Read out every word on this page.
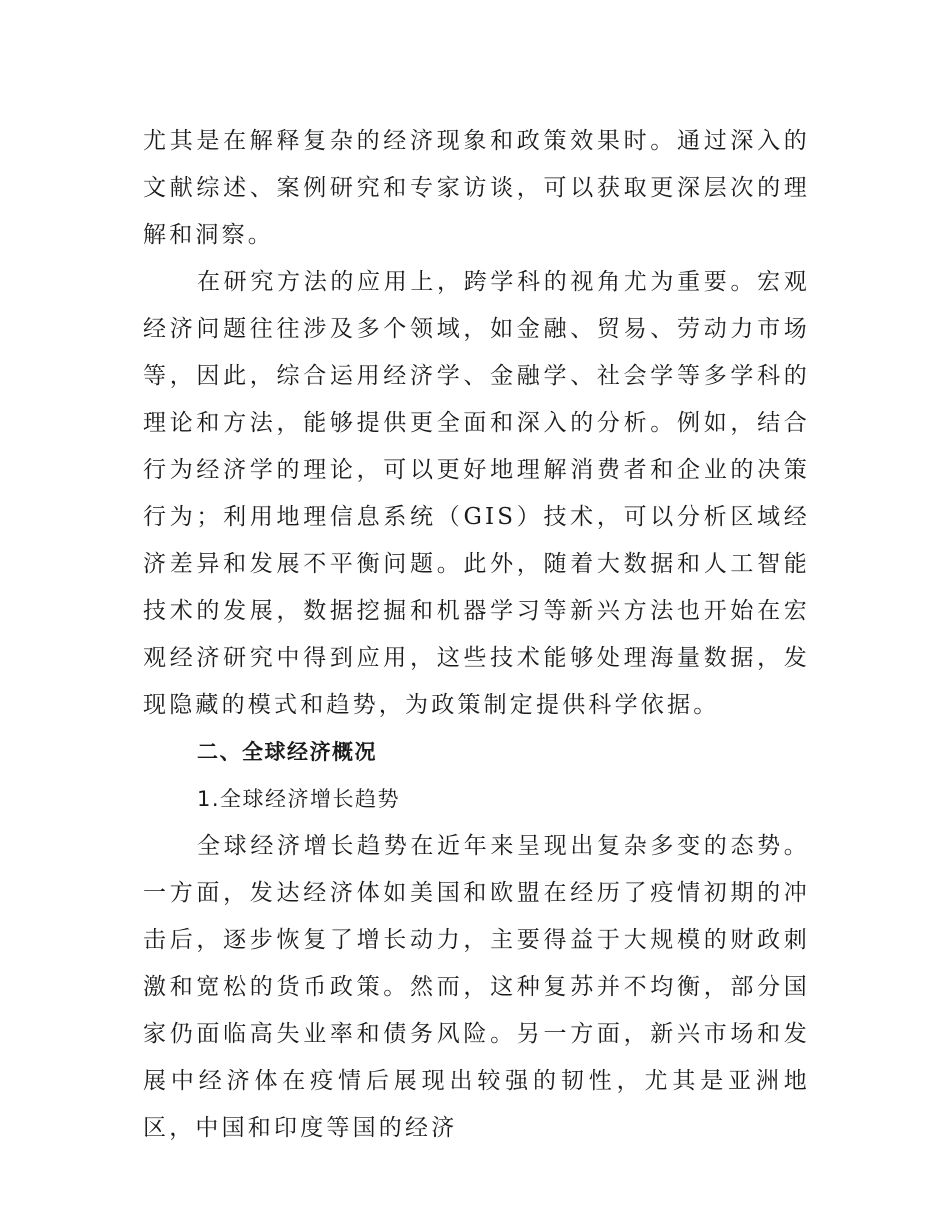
尤其是在解释复杂的经济现象和政策效果时。通过深入的文献综述、案例研究和专家访谈，可以获取更深层次的理解和洞察。

在研究方法的应用上，跨学科的视角尤为重要。宏观经济问题往往涉及多个领域，如金融、贸易、劳动力市场等，因此，综合运用经济学、金融学、社会学等多学科的理论和方法，能够提供更全面和深入的分析。例如，结合行为经济学的理论，可以更好地理解消费者和企业的决策行为；利用地理信息系统（GIS）技术，可以分析区域经济差异和发展不平衡问题。此外，随着大数据和人工智能技术的发展，数据挖掘和机器学习等新兴方法也开始在宏观经济研究中得到应用，这些技术能够处理海量数据，发现隐藏的模式和趋势，为政策制定提供科学依据。

二、全球经济概况

1.全球经济增长趋势

全球经济增长趋势在近年来呈现出复杂多变的态势。一方面，发达经济体如美国和欧盟在经历了疫情初期的冲击后，逐步恢复了增长动力，主要得益于大规模的财政刺激和宽松的货币政策。然而，这种复苏并不均衡，部分国家仍面临高失业率和债务风险。另一方面，新兴市场和发展中经济体在疫情后展现出较强的韧性，尤其是亚洲地区，中国和印度等国的经济
